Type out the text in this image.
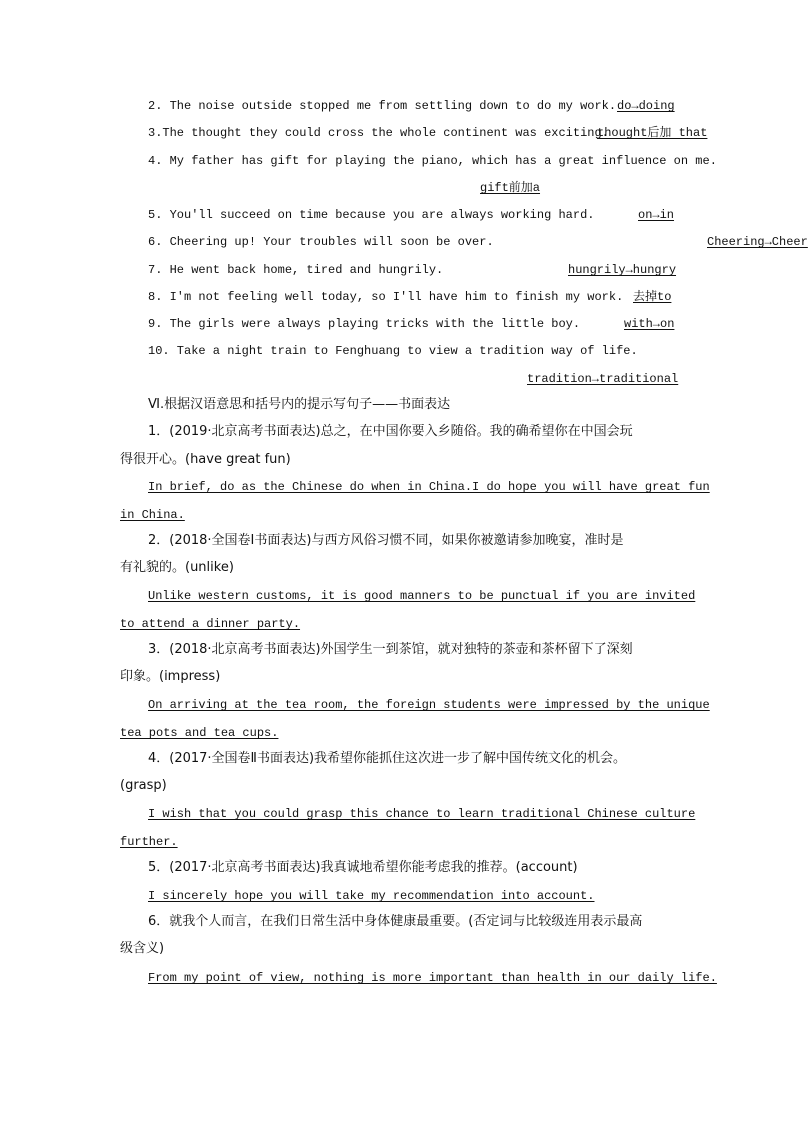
2. The noise outside stopped me from settling down to do my work. do→doing
3.The thought they could cross the whole continent was exciting.
thought后加 that
4. My father has gift for playing the piano, which has a great influence on me.
gift前加a
5. You'll succeed on time because you are always working hard.	on→in
6. Cheering up! Your troubles will soon be over.	Cheering→Cheer
7. He went back home, tired and hungrily.	hungrily→hungry
8. I'm not feeling well today, so I'll have him to finish my work. 去掉to
9. The girls were always playing tricks with the little boy.	with→on
10. Take a night train to Fenghuang to view a tradition way of life.
tradition→traditional
Ⅵ.根据汉语意思和括号内的提示写句子——书面表达
1．(2019·北京高考书面表达)总之，在中国你要入乡随俗。我的确希望你在中国会玩
得很开心。(have great fun)
In brief, do as the Chinese do when in China.I do hope you will have great fun
in China.
2．(2018·全国卷Ⅰ书面表达)与西方风俗习惯不同，如果你被邀请参加晚宴，准时是
有礼貌的。(unlike)
Unlike western customs, it is good manners to be punctual if you are invited
to attend a dinner party.
3．(2018·北京高考书面表达)外国学生一到茶馆，就对独特的茶壶和茶杯留下了深刻
印象。(impress)
On arriving at the tea room, the foreign students were impressed by the unique
tea pots and tea cups.
4．(2017·全国卷Ⅱ书面表达)我希望你能抓住这次进一步了解中国传统文化的机会。
(grasp)
I wish that you could grasp this chance to learn traditional Chinese culture
further.
5．(2017·北京高考书面表达)我真诚地希望你能考虑我的推荐。(account)
I sincerely hope you will take my recommendation into account.
6．就我个人而言，在我们日常生活中身体健康最重要。(否定词与比较级连用表示最高
级含义)
From my point of view, nothing is more important than health in our daily life.
